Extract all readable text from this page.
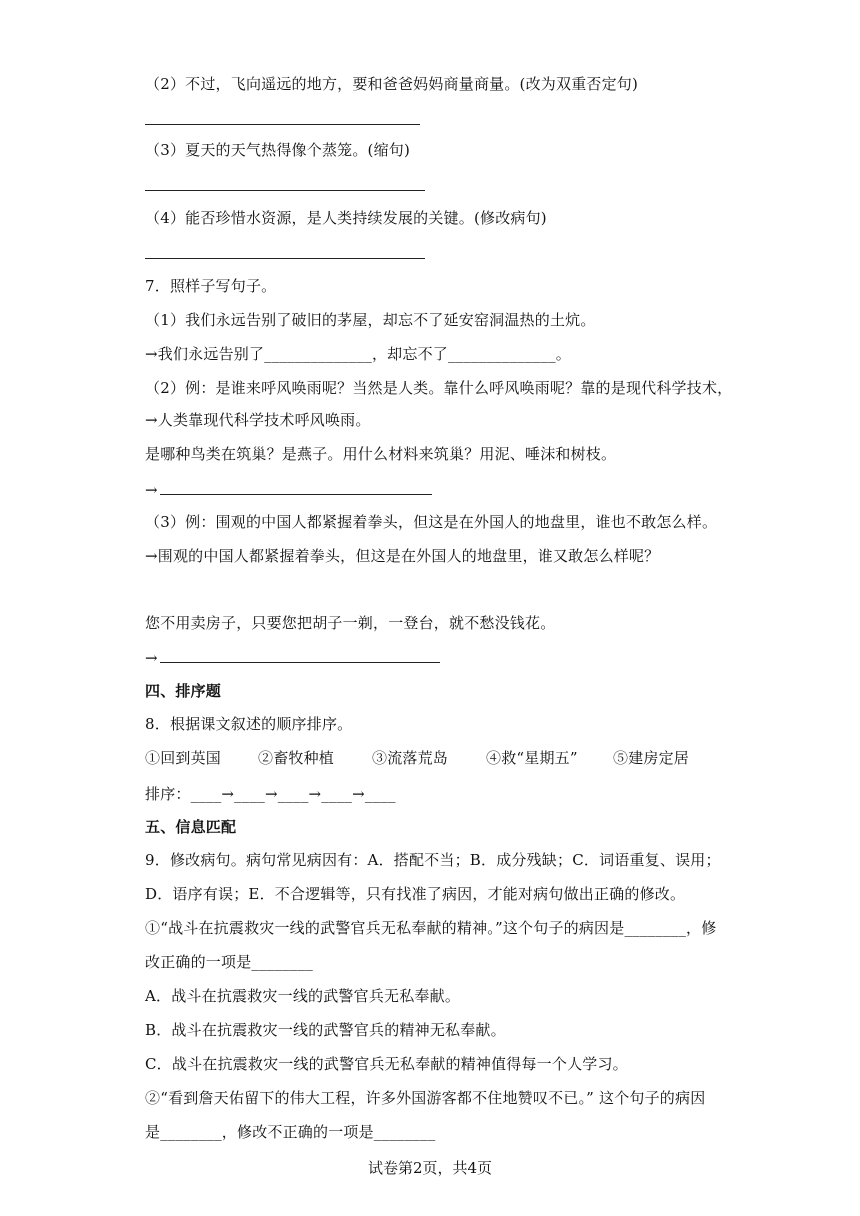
（2）不过，飞向遥远的地方，要和爸爸妈妈商量商量。(改为双重否定句)
（3）夏天的天气热得像个蒸笼。(缩句)
（4）能否珍惜水资源，是人类持续发展的关键。(修改病句)
7．照样子写句子。
（1）我们永远告别了破旧的茅屋，却忘不了延安窑洞温热的土炕。
→我们永远告别了______________，却忘不了______________。
（2）例：是谁来呼风唤雨呢？当然是人类。靠什么呼风唤雨呢？靠的是现代科学技术，
→人类靠现代科学技术呼风唤雨。
是哪种鸟类在筑巢？是燕子。用什么材料来筑巢？用泥、唾沫和树枝。
→
（3）例：围观的中国人都紧握着拳头，但这是在外国人的地盘里，谁也不敢怎么样。
→围观的中国人都紧握着拳头，但这是在外国人的地盘里，谁又敢怎么样呢？
您不用卖房子，只要您把胡子一剃，一登台，就不愁没钱花。
→
四、排序题
8．根据课文叙述的顺序排序。
①回到英国 ②畜牧种植	③流落荒岛	④救“星期五” ⑤建房定居
排序：____→____→____→____→____
五、信息匹配
9．修改病句。病句常见病因有：A．搭配不当；B．成分残缺；C．词语重复、误用；
D．语序有误；E．不合逻辑等，只有找准了病因，才能对病句做出正确的修改。
①“战斗在抗震救灾一线的武警官兵无私奉献的精神。”这个句子的病因是________，修
改正确的一项是________
A．战斗在抗震救灾一线的武警官兵无私奉献。
B．战斗在抗震救灾一线的武警官兵的精神无私奉献。
C．战斗在抗震救灾一线的武警官兵无私奉献的精神值得每一个人学习。
②“看到詹天佑留下的伟大工程，许多外国游客都不住地赞叹不已。” 这个句子的病因
是________，修改不正确的一项是________
试卷第2页，共4页
